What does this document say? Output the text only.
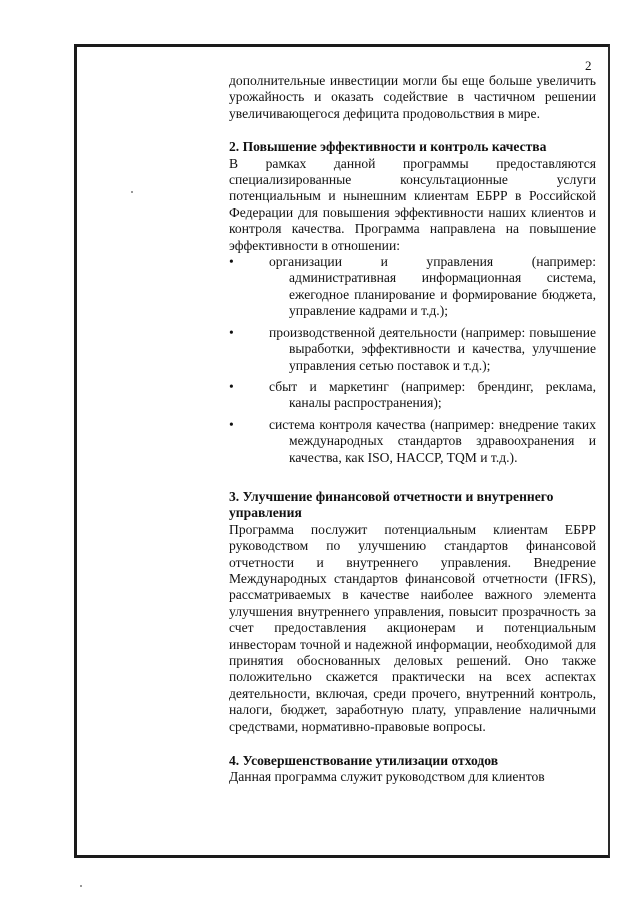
2

дополнительные инвестиции могли бы еще больше увеличить урожайность и оказать содействие в частичном решении увеличивающегося дефицита продовольствия в мире.

2. Повышение эффективности и контроль качества

В рамках данной программы предоставляются специализированные консультационные услуги потенциальным и нынешним клиентам ЕБРР в Российской Федерации для повышения эффективности наших клиентов и контроля качества. Программа направлена на повышение эффективности в отношении:

•	организации и управления (например: административная информационная система, ежегодное планирование и формирование бюджета, управление кадрами и т.д.);
•	производственной деятельности (например: повышение выработки, эффективности и качества, улучшение управления сетью поставок и т.д.);
•	сбыт и маркетинг (например: брендинг, реклама, каналы распространения);
•	система контроля качества (например: внедрение таких международных стандартов здравоохранения и качества, как ISO, HACCP, TQM и т.д.).

3. Улучшение финансовой отчетности и внутреннего управления

Программа послужит потенциальным клиентам ЕБРР руководством по улучшению стандартов финансовой отчетности и внутреннего управления. Внедрение Международных стандартов финансовой отчетности (IFRS), рассматриваемых в качестве наиболее важного элемента улучшения внутреннего управления, повысит прозрачность за счет предоставления акционерам и потенциальным инвесторам точной и надежной информации, необходимой для принятия обоснованных деловых решений. Оно также положительно скажется практически на всех аспектах деятельности, включая, среди прочего, внутренний контроль, налоги, бюджет, заработную плату, управление наличными средствами, нормативно-правовые вопросы.

4. Усовершенствование утилизации отходов

Данная программа служит руководством для клиентов
